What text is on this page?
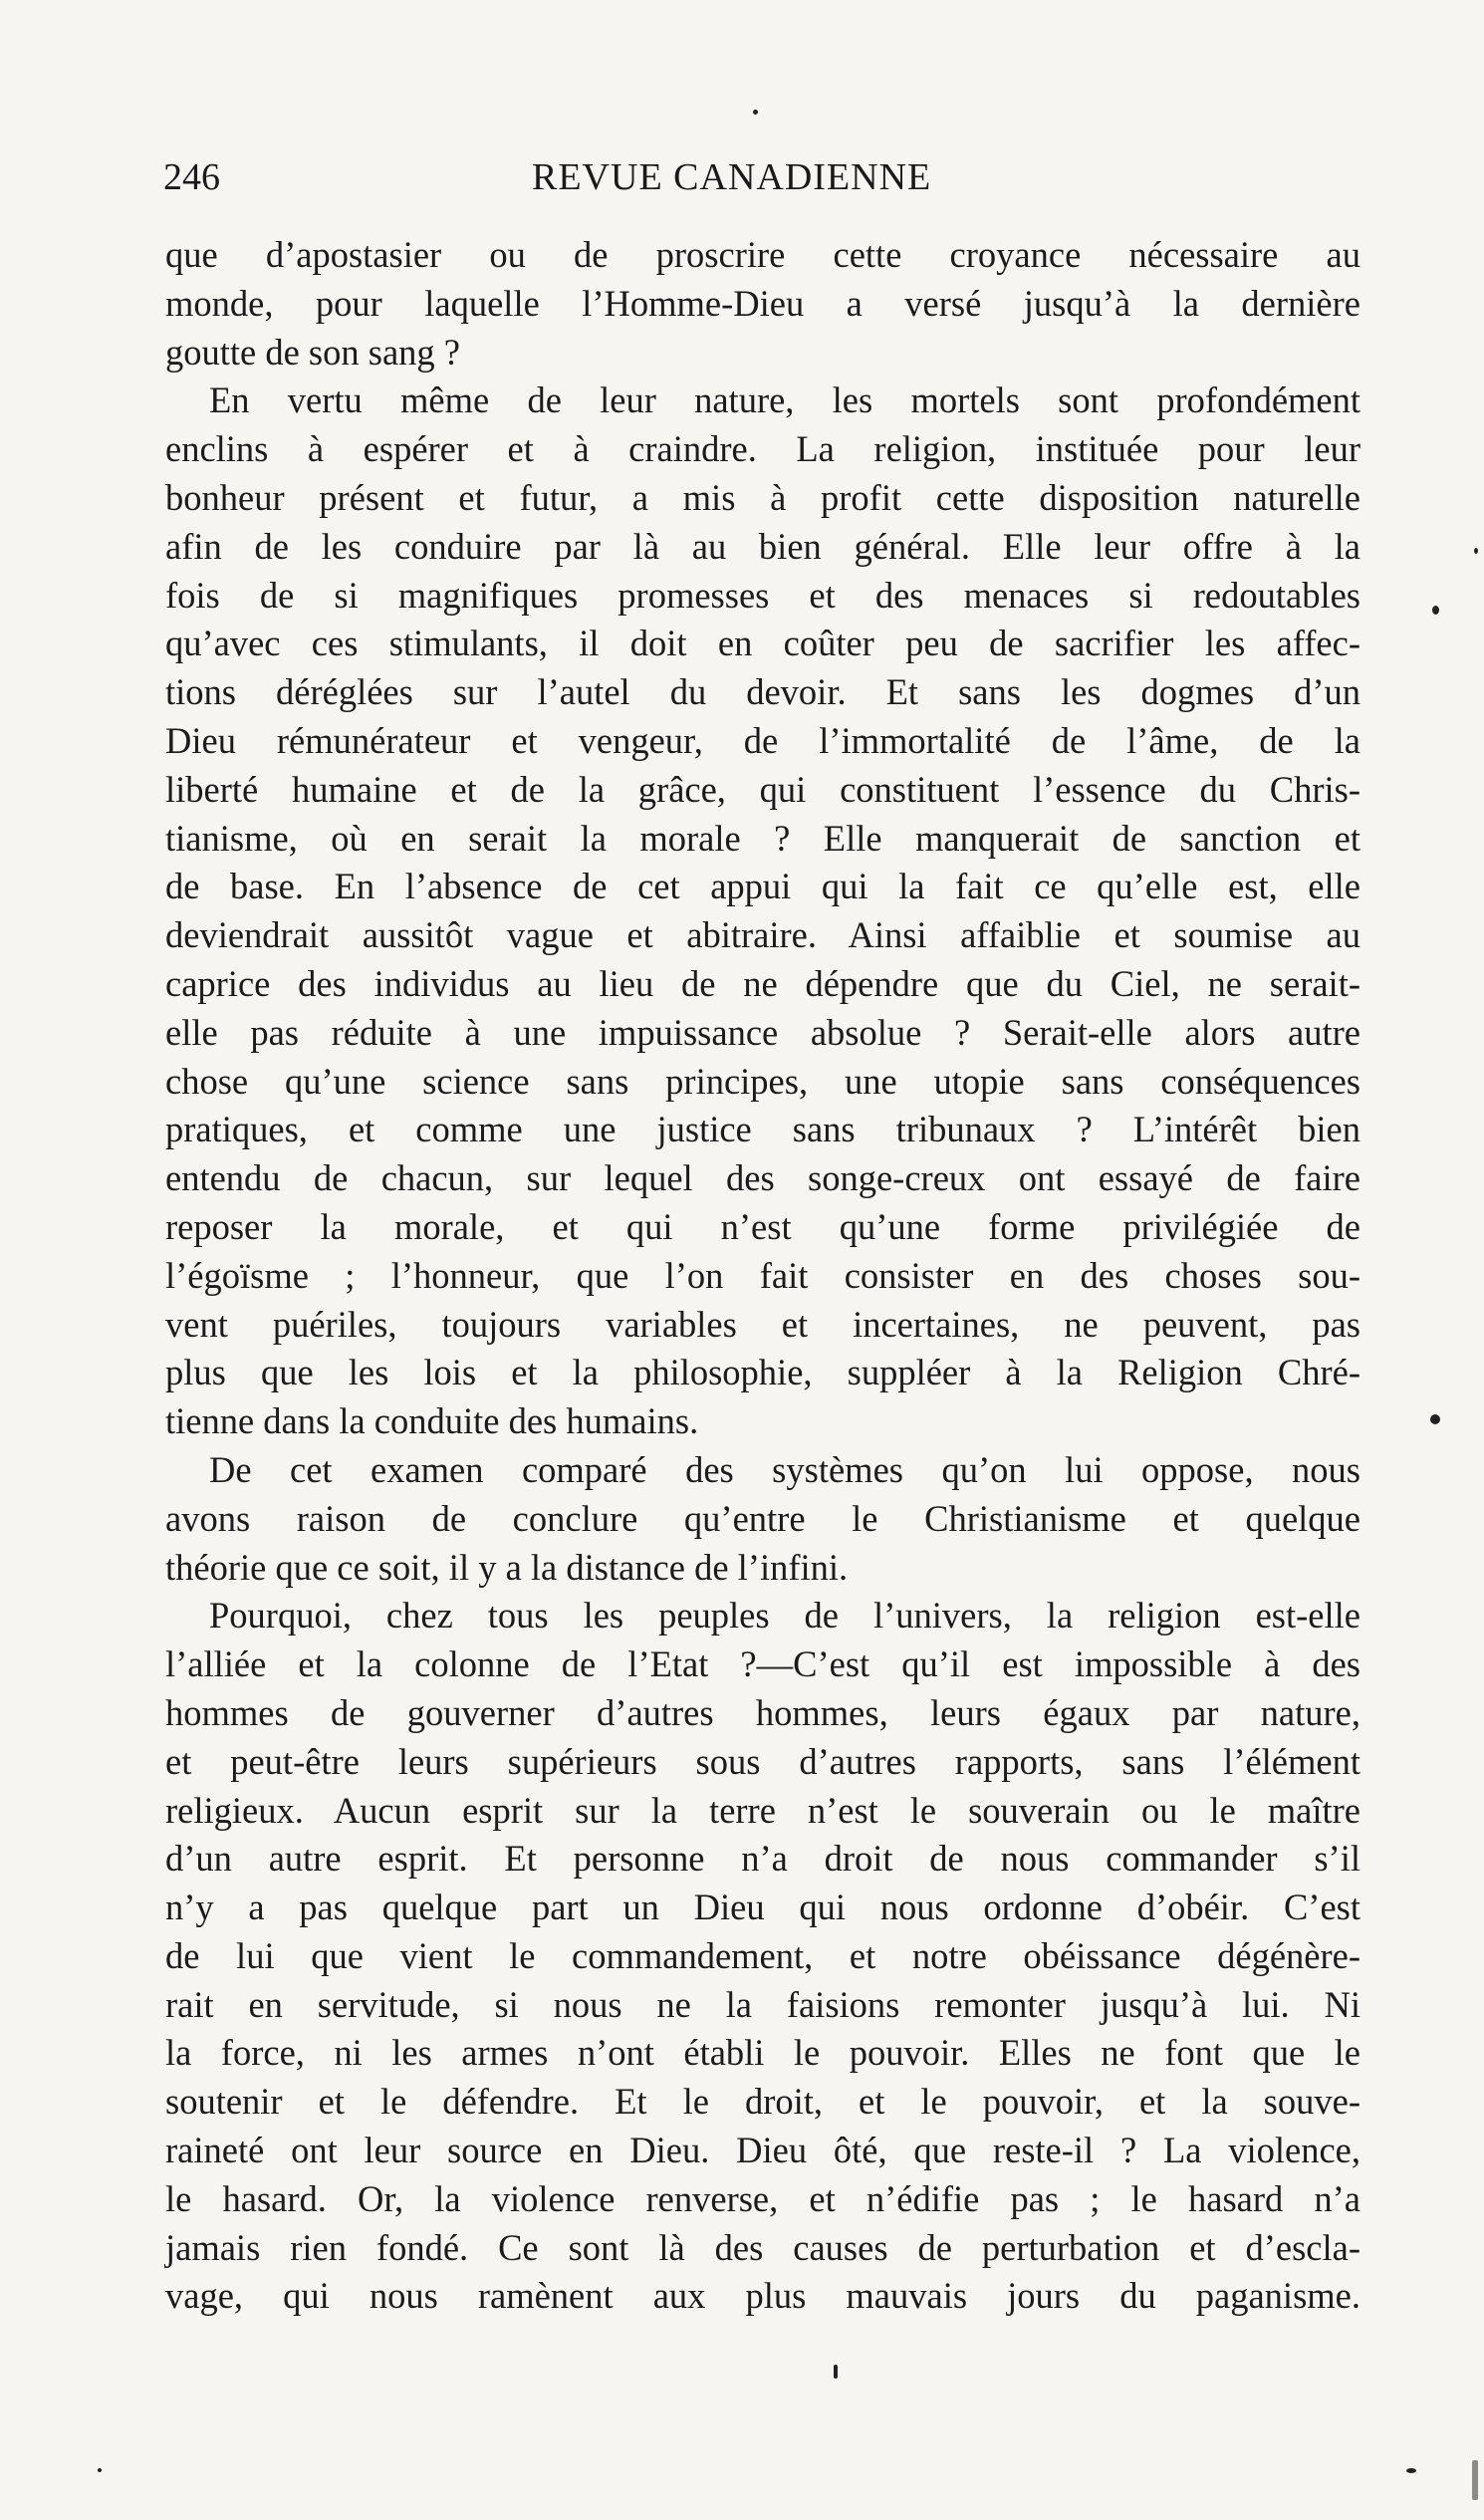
246	REVUE CANADIENNE
que d’apostasier ou de proscrire cette croyance nécessaire au
monde, pour laquelle l’Homme-Dieu a versé jusqu’à la dernière
goutte de son sang ?
En vertu même de leur nature, les mortels sont profondément
enclins à espérer et à craindre. La religion, instituée pour leur
bonheur présent et futur, a mis à profit cette disposition naturelle
afin de les conduire par là au bien général. Elle leur offre à la
fois de si magnifiques promesses et des menaces si redoutables
qu’avec ces stimulants, il doit en coûter peu de sacrifier les affec-
tions déréglées sur l’autel du devoir. Et sans les dogmes d’un
Dieu rémunérateur et vengeur, de l’immortalité de l’âme, de la
liberté humaine et de la grâce, qui constituent l’essence du Chris-
tianisme, où en serait la morale ? Elle manquerait de sanction et
de base. En l’absence de cet appui qui la fait ce qu’elle est, elle
deviendrait aussitôt vague et abitraire. Ainsi affaiblie et soumise au
caprice des individus au lieu de ne dépendre que du Ciel, ne serait-
elle pas réduite à une impuissance absolue ? Serait-elle alors autre
chose qu’une science sans principes, une utopie sans conséquences
pratiques, et comme une justice sans tribunaux ? L’intérêt bien
entendu de chacun, sur lequel des songe-creux ont essayé de faire
reposer la morale, et qui n’est qu’une forme privilégiée de
l’égoïsme ; l’honneur, que l’on fait consister en des choses sou-
vent puériles, toujours variables et incertaines, ne peuvent, pas
plus que les lois et la philosophie, suppléer à la Religion Chré-
tienne dans la conduite des humains.
De cet examen comparé des systèmes qu’on lui oppose, nous
avons raison de conclure qu’entre le Christianisme et quelque
théorie que ce soit, il y a la distance de l’infini.
Pourquoi, chez tous les peuples de l’univers, la religion est-elle
l’alliée et la colonne de l’Etat ?—C’est qu’il est impossible à des
hommes de gouverner d’autres hommes, leurs égaux par nature,
et peut-être leurs supérieurs sous d’autres rapports, sans l’élément
religieux. Aucun esprit sur la terre n’est le souverain ou le maître
d’un autre esprit. Et personne n’a droit de nous commander s’il
n’y a pas quelque part un Dieu qui nous ordonne d’obéir. C’est
de lui que vient le commandement, et notre obéissance dégénère-
rait en servitude, si nous ne la faisions remonter jusqu’à lui. Ni
la force, ni les armes n’ont établi le pouvoir. Elles ne font que le
soutenir et le défendre. Et le droit, et le pouvoir, et la souve-
raineté ont leur source en Dieu. Dieu ôté, que reste-il ? La violence,
le hasard. Or, la violence renverse, et n’édifie pas ; le hasard n’a
jamais rien fondé. Ce sont là des causes de perturbation et d’escla-
vage, qui nous ramènent aux plus mauvais jours du paganisme.
